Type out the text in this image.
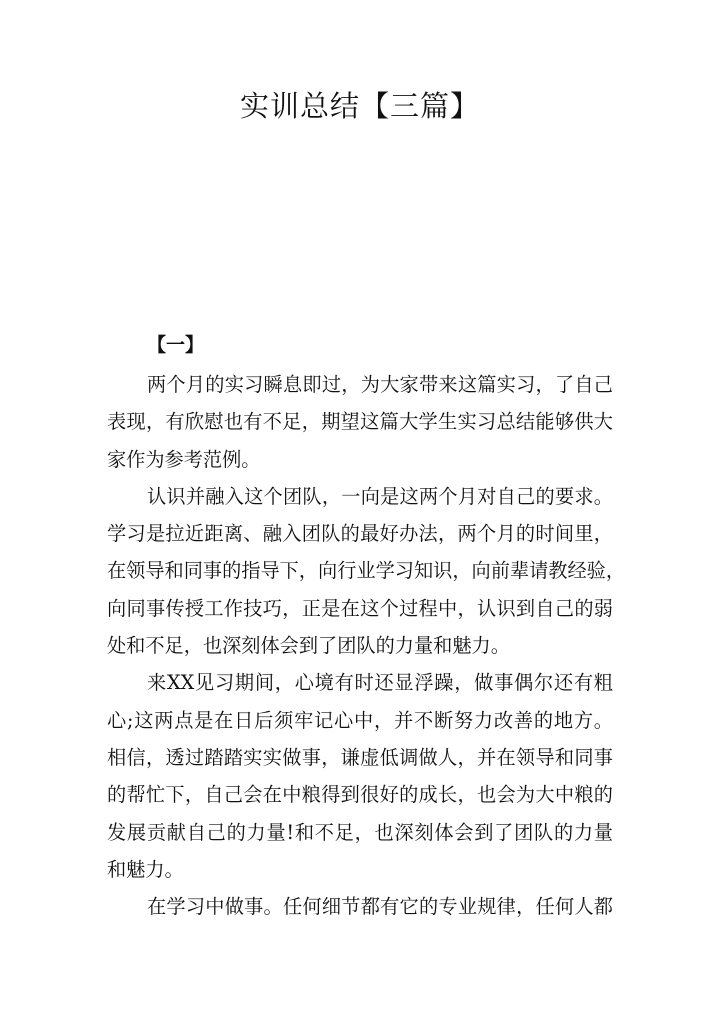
实训总结【三篇】
【一】
两个月的实习瞬息即过，为大家带来这篇实习，了自己
表现，有欣慰也有不足，期望这篇大学生实习总结能够供大
家作为参考范例。
认识并融入这个团队，一向是这两个月对自己的要求。
学习是拉近距离、融入团队的最好办法，两个月的时间里，
在领导和同事的指导下，向行业学习知识，向前辈请教经验，
向同事传授工作技巧，正是在这个过程中，认识到自己的弱
处和不足，也深刻体会到了团队的力量和魅力。
来XX见习期间，心境有时还显浮躁，做事偶尔还有粗
心;这两点是在日后须牢记心中，并不断努力改善的地方。
相信，透过踏踏实实做事，谦虚低调做人，并在领导和同事
的帮忙下，自己会在中粮得到很好的成长，也会为大中粮的
发展贡献自己的力量!和不足，也深刻体会到了团队的力量
和魅力。
在学习中做事。任何细节都有它的专业规律，任何人都
